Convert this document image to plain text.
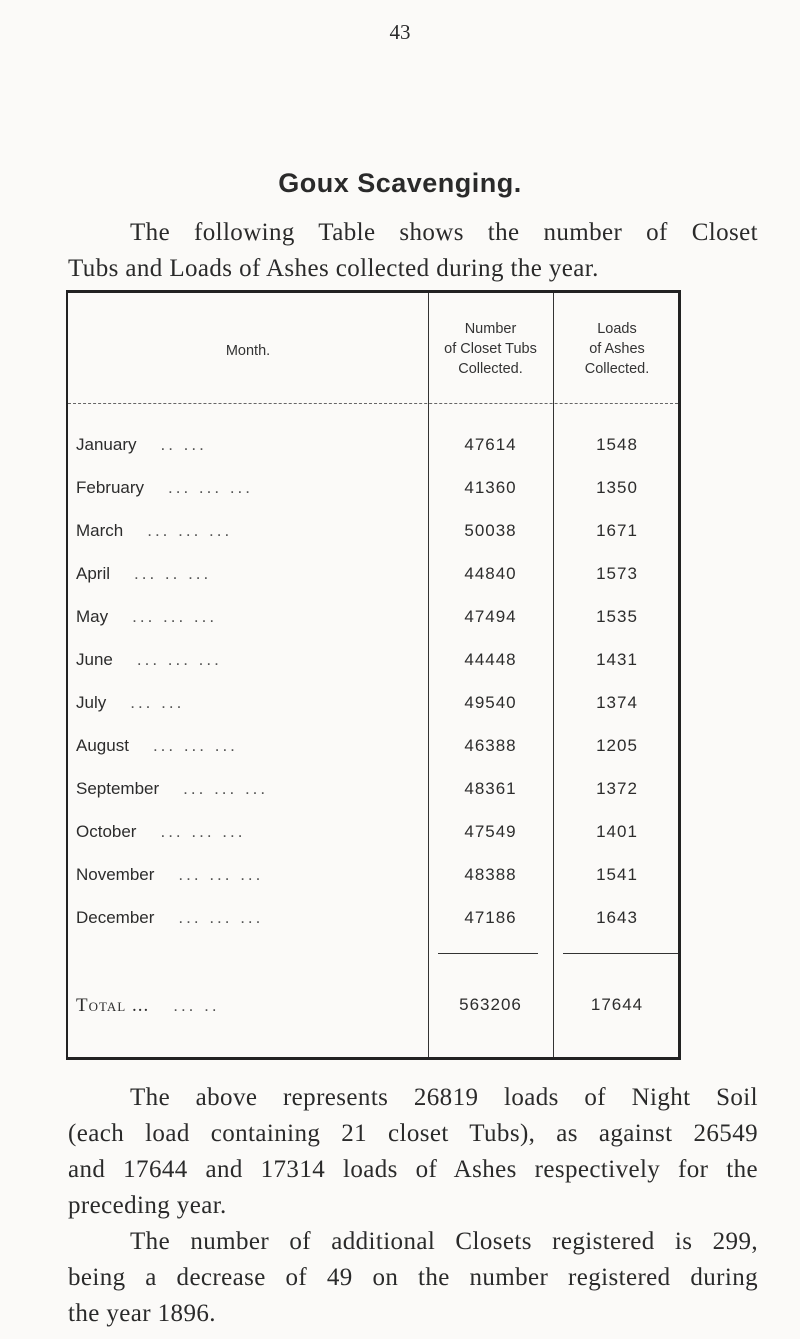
43
Goux Scavenging.
The following Table shows the number of Closet
Tubs and Loads of Ashes collected during the year.
Month.
Number
of Closet Tubs
Collected.
Loads
of Ashes
Collected.
January .. ...	47614	1548
February ... ... ...	41360	1350
March ... ... ...	50038	1671
April ... .. ...	44840	1573
May ... ... ...	47494	1535
June ... ... ...	44448	1431
July ... ...	49540	1374
August ... ... ...	46388	1205
September ... ... ...	48361	1372
October ... ... ...	47549	1401
November ... ... ...	48388	1541
December ... ... ...	47186	1643
Total ... ... ..	563206	17644
The above represents 26819 loads of Night Soil
(each load containing 21 closet Tubs), as against 26549
and 17644 and 17314 loads of Ashes respectively for the
preceding year.
The number of additional Closets registered is 299,
being a decrease of 49 on the number registered during
the year 1896.
